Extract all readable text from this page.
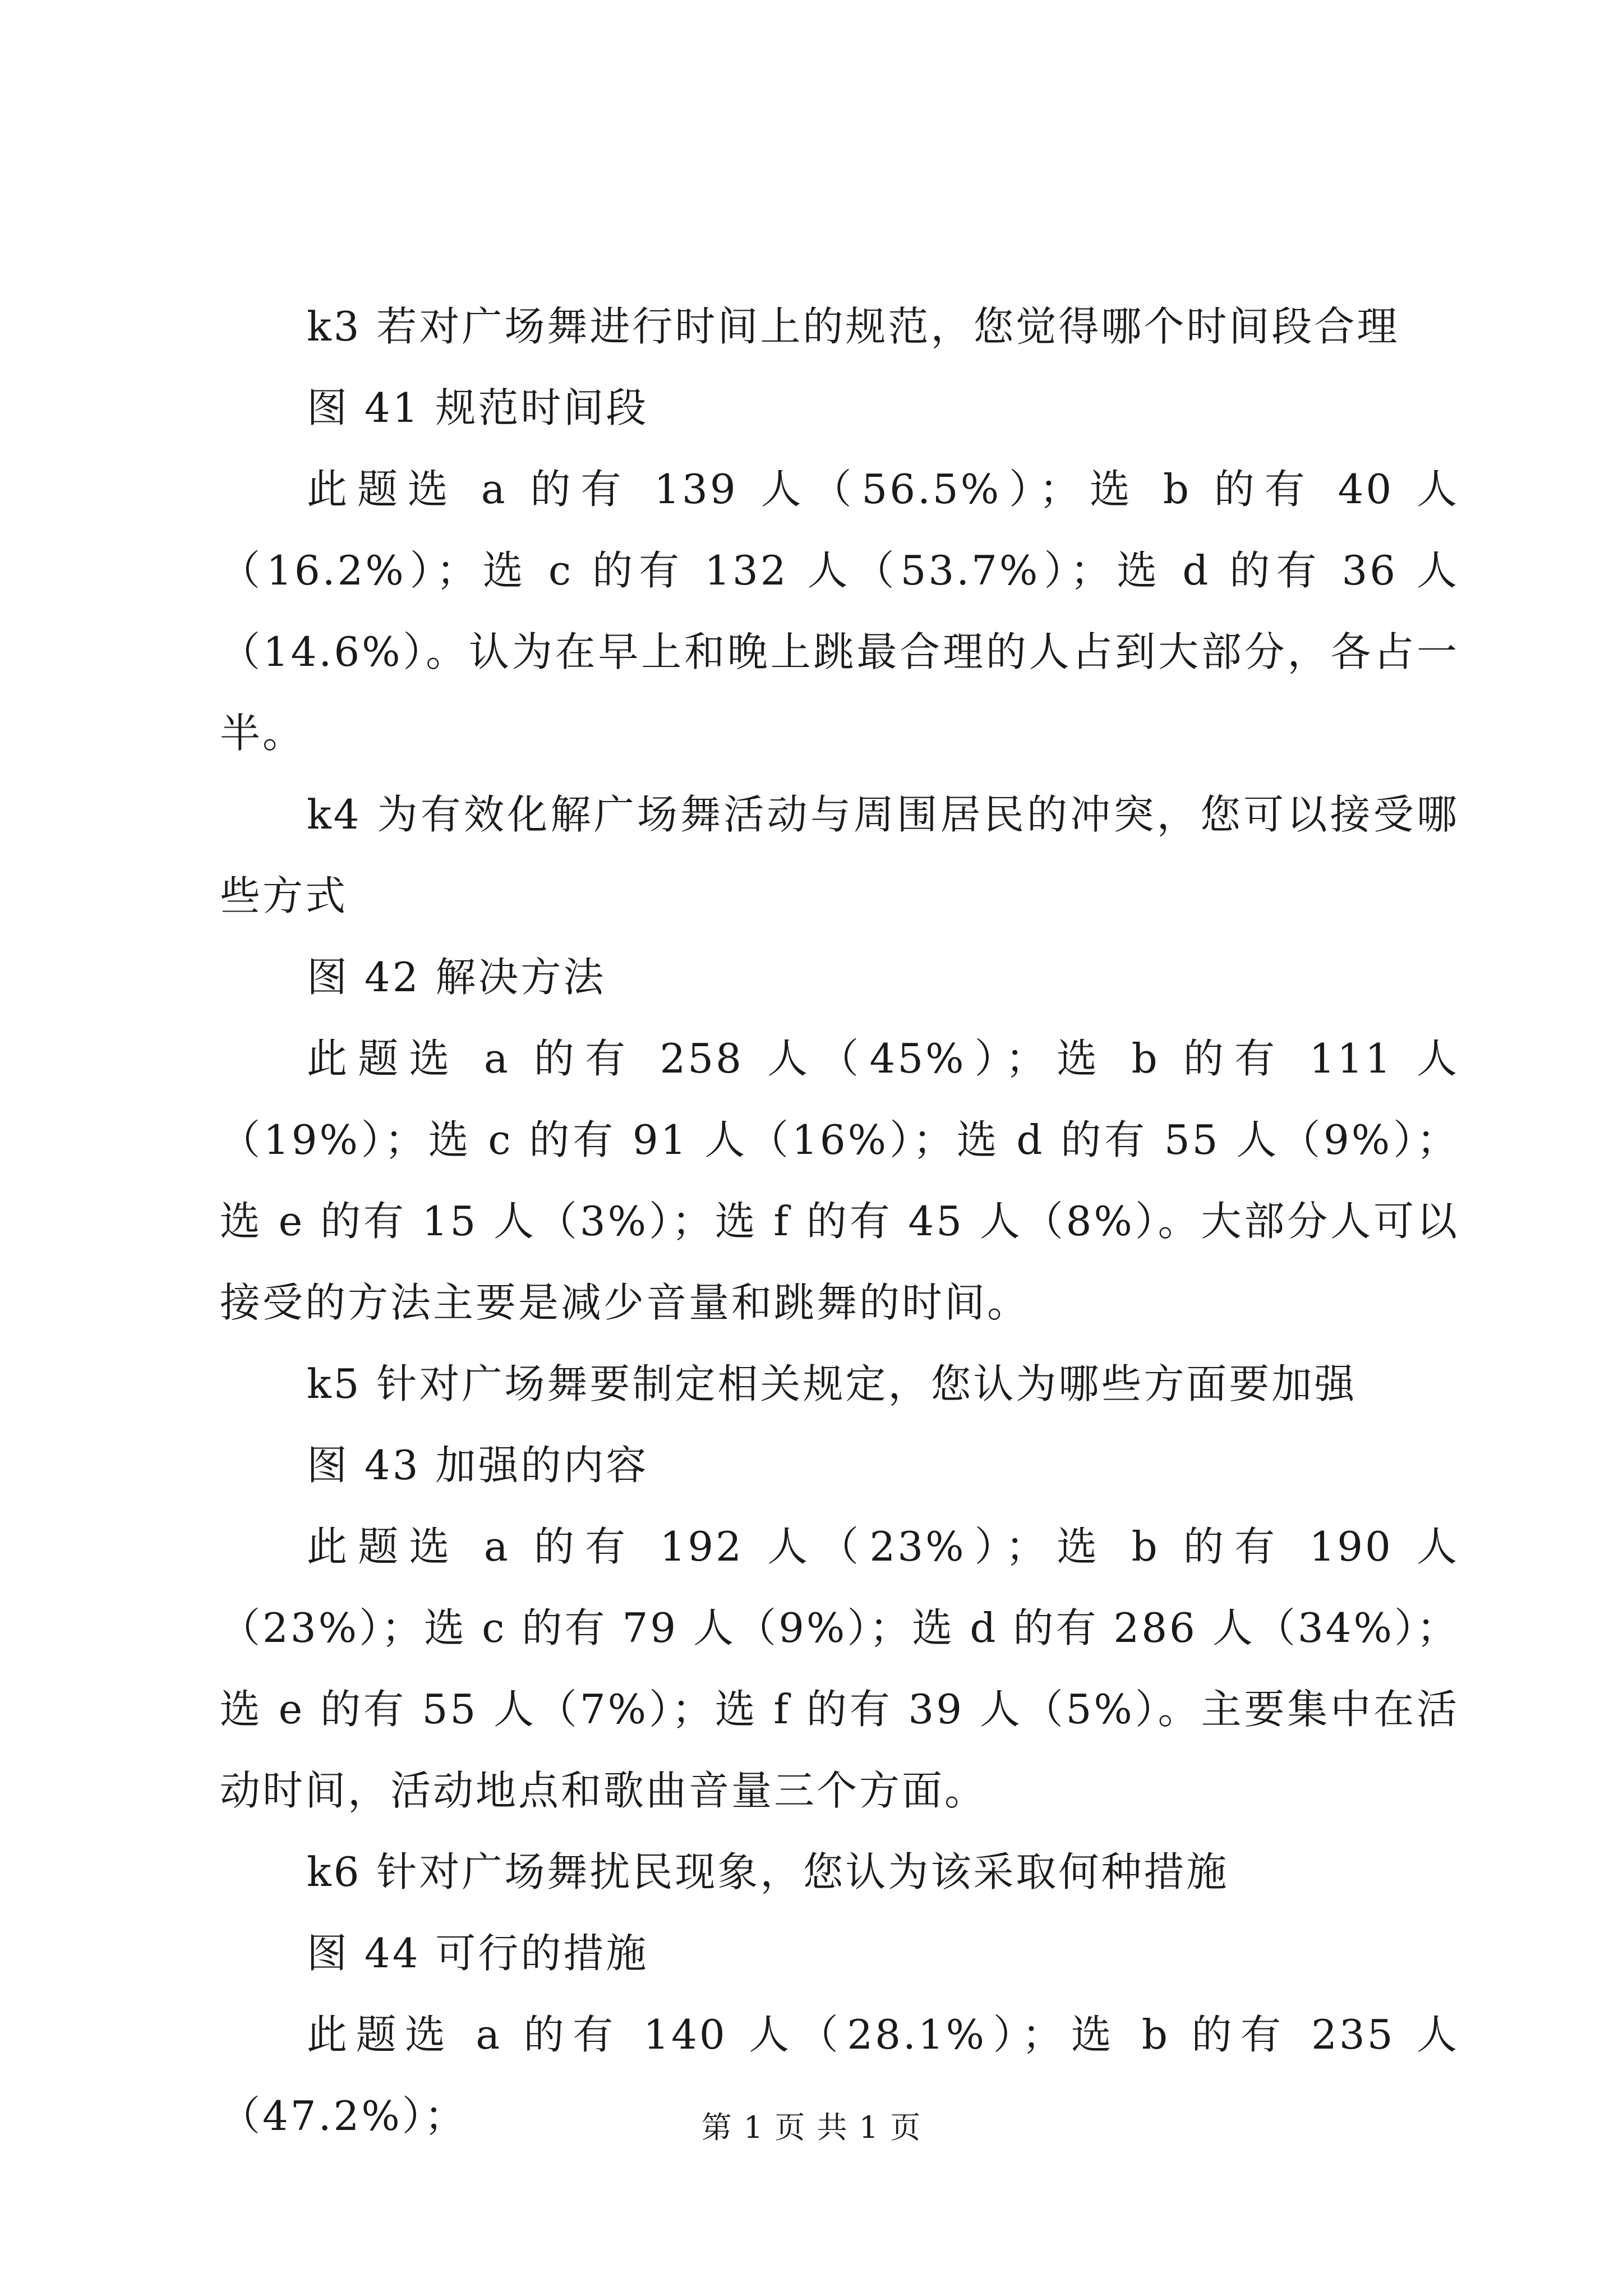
k3 若对广场舞进行时间上的规范，您觉得哪个时间段合理

图 41 规范时间段

此题选 a 的有 139 人（56.5%）；选 b 的有 40 人（16.2%）；选 c 的有 132 人（53.7%）；选 d 的有 36 人（14.6%）。认为在早上和晚上跳最合理的人占到大部分，各占一半。

k4 为有效化解广场舞活动与周围居民的冲突，您可以接受哪些方式

图 42 解决方法

此题选 a 的有 258 人（45%）；选 b 的有 111 人（19%）；选 c 的有 91 人（16%）；选 d 的有 55 人（9%）；选 e 的有 15 人（3%）；选 f 的有 45 人（8%）。大部分人可以接受的方法主要是减少音量和跳舞的时间。

k5 针对广场舞要制定相关规定，您认为哪些方面要加强

图 43 加强的内容

此题选 a 的有 192 人（23%）；选 b 的有 190 人（23%）；选 c 的有 79 人（9%）；选 d 的有 286 人（34%）；选 e 的有 55 人（7%）；选 f 的有 39 人（5%）。主要集中在活动时间，活动地点和歌曲音量三个方面。

k6 针对广场舞扰民现象，您认为该采取何种措施

图 44 可行的措施

此题选 a 的有 140 人（28.1%）；选 b 的有 235 人（47.2%）；	第 1 页 共 1 页
